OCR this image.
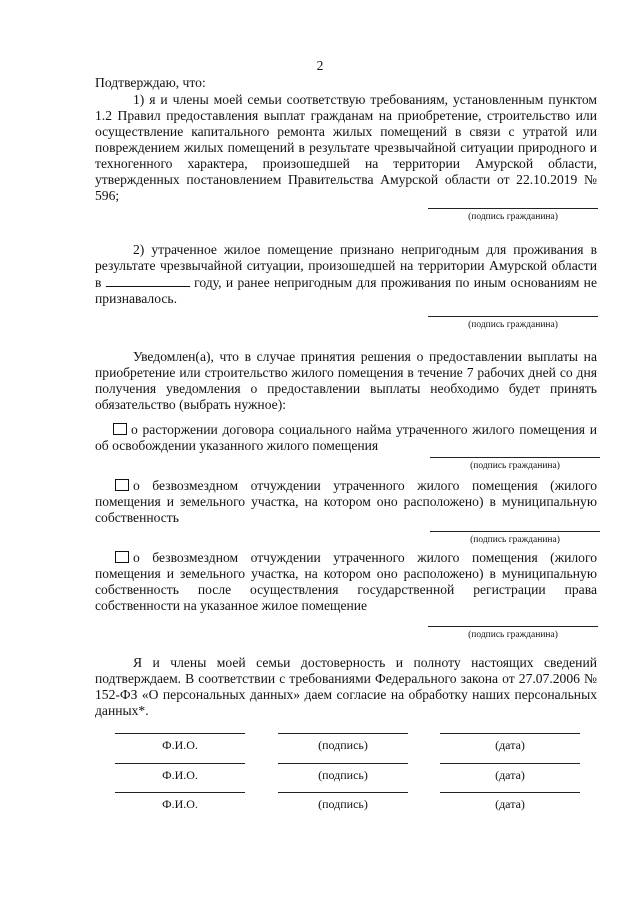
2
Подтверждаю, что:
1) я и члены моей семьи соответствую требованиям, установленным пунктом 1.2 Правил предоставления выплат гражданам на приобретение, строительство или осуществление капитального ремонта жилых помещений в связи с утратой или повреждением жилых помещений в результате чрезвычайной ситуации природного и техногенного характера, произошедшей на территории Амурской области, утвержденных постановлением Правительства Амурской области от 22.10.2019 № 596;
(подпись гражданина)
2) утраченное жилое помещение признано непригодным для проживания в результате чрезвычайной ситуации, произошедшей на территории Амурской области в	году, и ранее непригодным для проживания по иным основаниям не признавалось.
(подпись гражданина)
Уведомлен(а), что в случае принятия решения о предоставлении выплаты на приобретение или строительство жилого помещения в течение 7 рабочих дней со дня получения уведомления о предоставлении выплаты необходимо будет принять обязательство (выбрать нужное):
о расторжении договора социального найма утраченного жилого помещения и об освобождении указанного жилого помещения
(подпись гражданина)
о безвозмездном отчуждении утраченного жилого помещения (жилого помещения и земельного участка, на котором оно расположено) в муниципальную собственность
(подпись гражданина)
о безвозмездном отчуждении утраченного жилого помещения (жилого помещения и земельного участка, на котором оно расположено) в муниципальную собственность после осуществления государственной регистрации права собственности на указанное жилое помещение
(подпись гражданина)
Я и члены моей семьи достоверность и полноту настоящих сведений подтверждаем. В соответствии с требованиями Федерального закона от 27.07.2006 № 152-ФЗ «О персональных данных» даем согласие на обработку наших персональных данных*.
Ф.И.О.	(подпись)	(дата)
Ф.И.О.	(подпись)	(дата)
Ф.И.О.	(подпись)	(дата)
